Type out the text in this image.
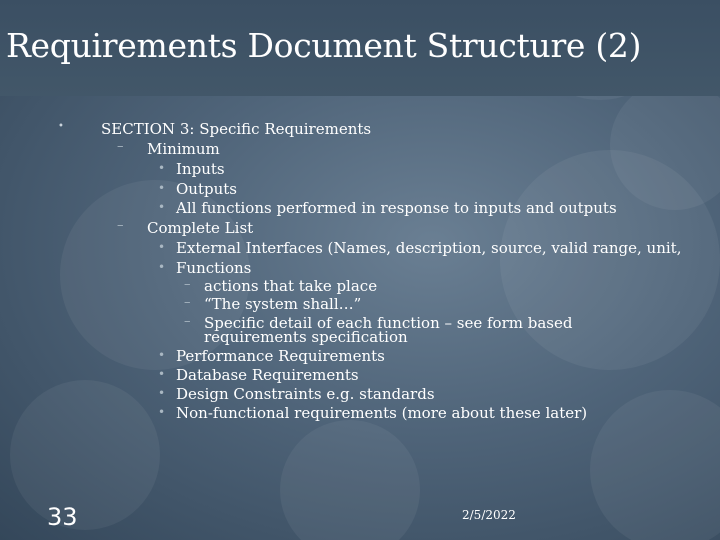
Requirements Document Structure (2)
• SECTION 3: Specific Requirements
– Minimum
• Inputs
• Outputs
• All functions performed in response to inputs and outputs
– Complete List
• External Interfaces (Names, description, source, valid range, unit,
• Functions
– actions that take place
– “The system shall…”
– Specific detail of each function – see form based
requirements specification
• Performance Requirements
• Database Requirements
• Design Constraints e.g. standards
• Non-functional requirements (more about these later)
33	2/5/2022
